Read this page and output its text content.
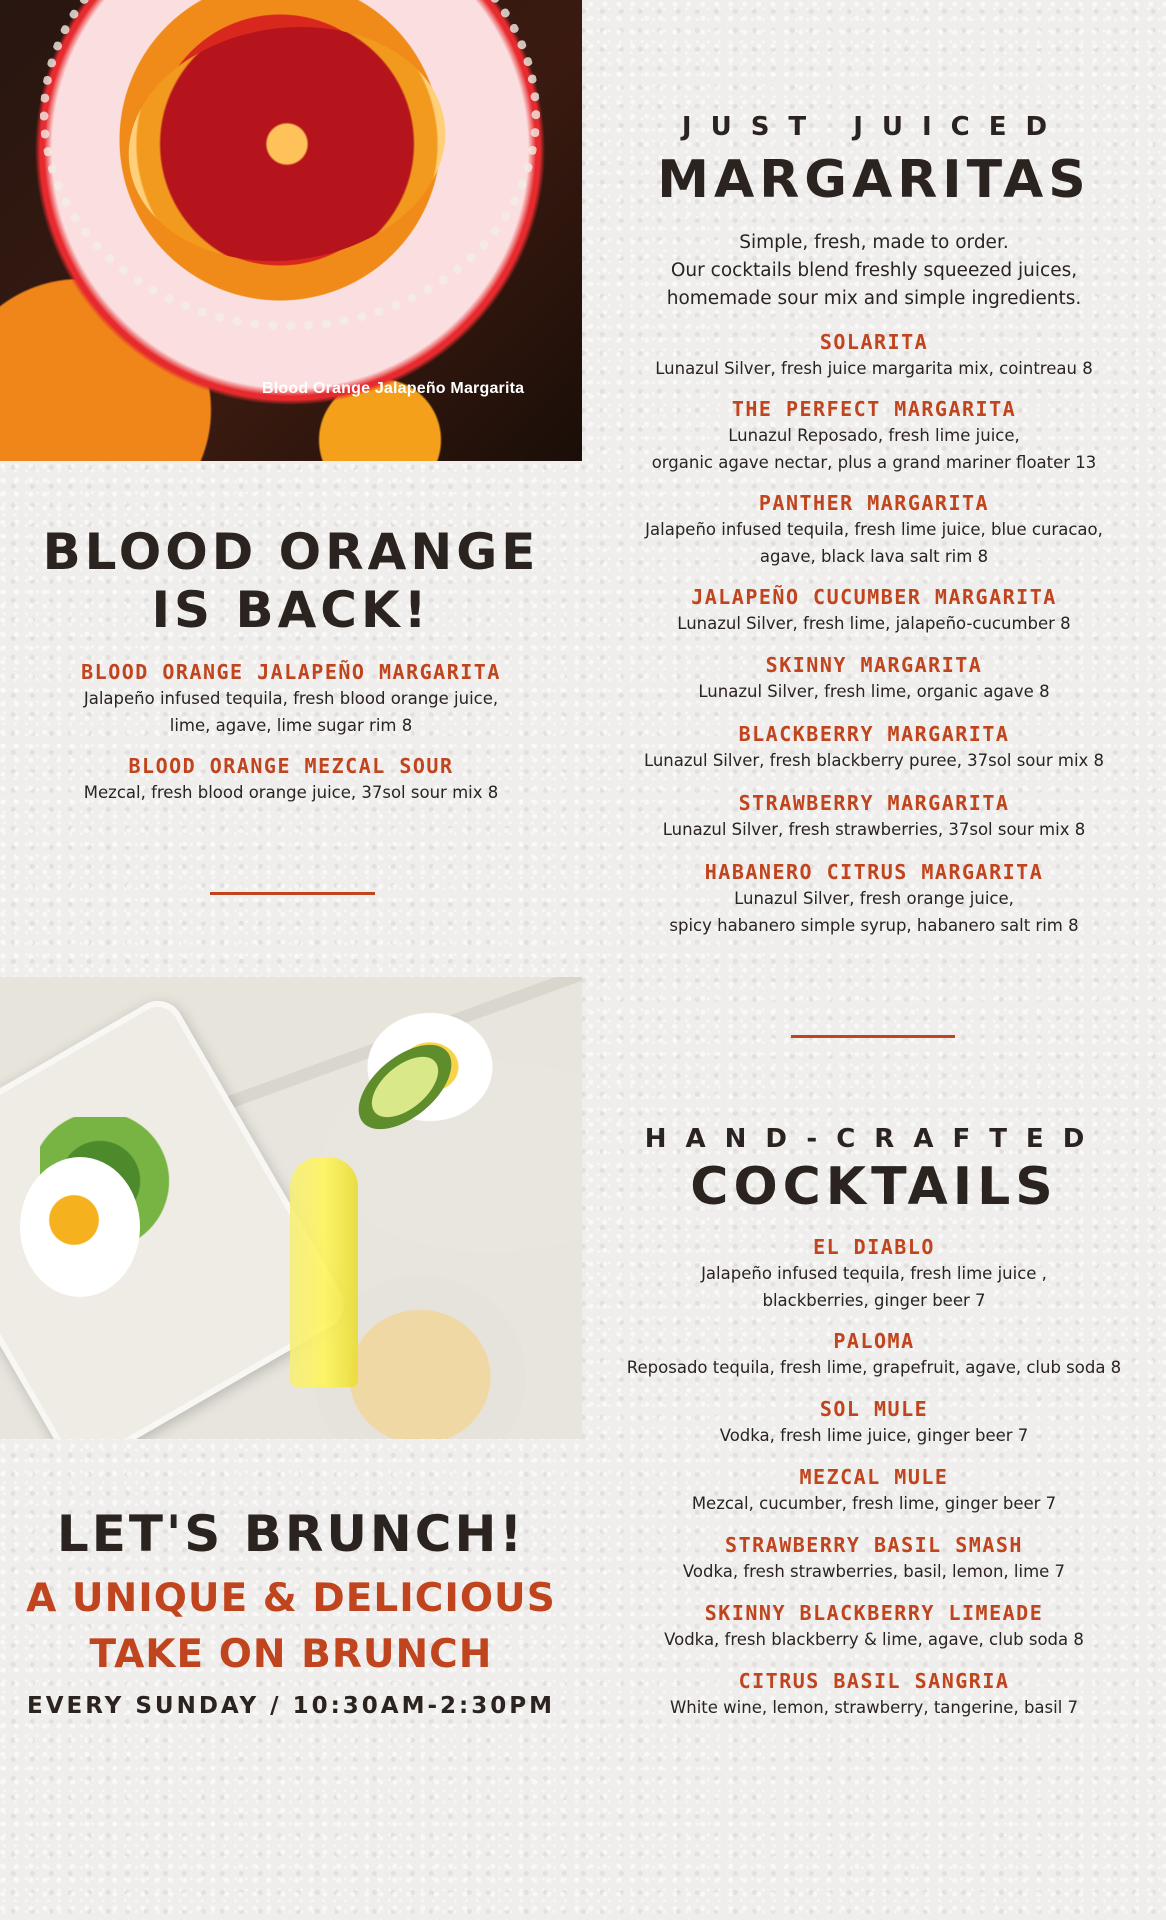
Blood Orange Jalapeño Margarita
JUST JUICED
MARGARITAS
Simple, fresh, made to order.
Our cocktails blend freshly squeezed juices,
homemade sour mix and simple ingredients.
SOLARITA
Lunazul Silver, fresh juice margarita mix, cointreau 8
THE PERFECT MARGARITA
Lunazul Reposado, fresh lime juice,
organic agave nectar, plus a grand mariner floater 13
PANTHER MARGARITA
Jalapeño infused tequila, fresh lime juice, blue curacao,
agave, black lava salt rim 8
JALAPEÑO CUCUMBER MARGARITA
Lunazul Silver, fresh lime, jalapeño-cucumber 8
SKINNY MARGARITA
Lunazul Silver, fresh lime, organic agave 8
BLACKBERRY MARGARITA
Lunazul Silver, fresh blackberry puree, 37sol sour mix 8
STRAWBERRY MARGARITA
Lunazul Silver, fresh strawberries, 37sol sour mix 8
HABANERO CITRUS MARGARITA
Lunazul Silver, fresh orange juice,
spicy habanero simple syrup, habanero salt rim 8
BLOOD ORANGE
IS BACK!
BLOOD ORANGE JALAPEÑO MARGARITA
Jalapeño infused tequila, fresh blood orange juice,
lime, agave, lime sugar rim 8
BLOOD ORANGE MEZCAL SOUR
Mezcal, fresh blood orange juice, 37sol sour mix 8
HAND-CRAFTED
COCKTAILS
EL DIABLO
Jalapeño infused tequila, fresh lime juice ,
blackberries, ginger beer 7
PALOMA
Reposado tequila, fresh lime, grapefruit, agave, club soda 8
SOL MULE
Vodka, fresh lime juice, ginger beer 7
MEZCAL MULE
Mezcal, cucumber, fresh lime, ginger beer 7
STRAWBERRY BASIL SMASH
Vodka, fresh strawberries, basil, lemon, lime 7
SKINNY BLACKBERRY LIMEADE
Vodka, fresh blackberry & lime, agave, club soda 8
CITRUS BASIL SANGRIA
White wine, lemon, strawberry, tangerine, basil 7
LET'S BRUNCH!
A UNIQUE & DELICIOUS
TAKE ON BRUNCH
EVERY SUNDAY / 10:30AM-2:30PM
